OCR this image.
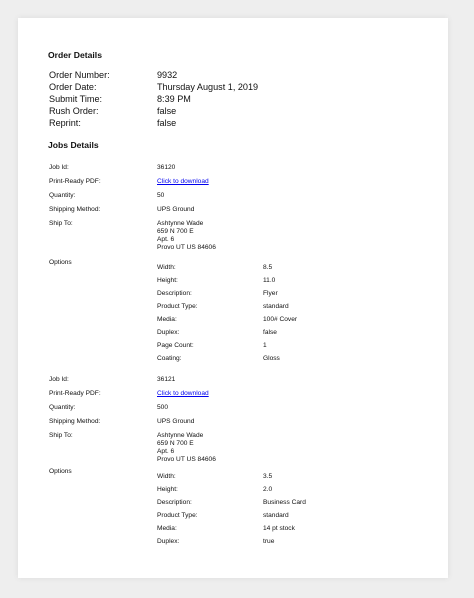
Order Details
Order Number:	9932
Order Date:	Thursday August 1, 2019
Submit Time:	8:39 PM
Rush Order:	false
Reprint:	false
Jobs Details
Job Id:	36120
Print-Ready PDF:	Click to download
Quantity:	50
Shipping Method:	UPS Ground
Ship To:	Ashtynne Wade
659 N 700 E
Apt. 6
Provo UT US 84606
Options
Width:	8.5
Height:	11.0
Description:	Flyer
Product Type:	standard
Media:	100# Cover
Duplex:	false
Page Count:	1
Coating:	Gloss
Job Id:	36121
Print-Ready PDF:	Click to download
Quantity:	500
Shipping Method:	UPS Ground
Ship To:	Ashtynne Wade
659 N 700 E
Apt. 6
Provo UT US 84606
Options
Width:	3.5
Height:	2.0
Description:	Business Card
Product Type:	standard
Media:	14 pt stock
Duplex:	true
